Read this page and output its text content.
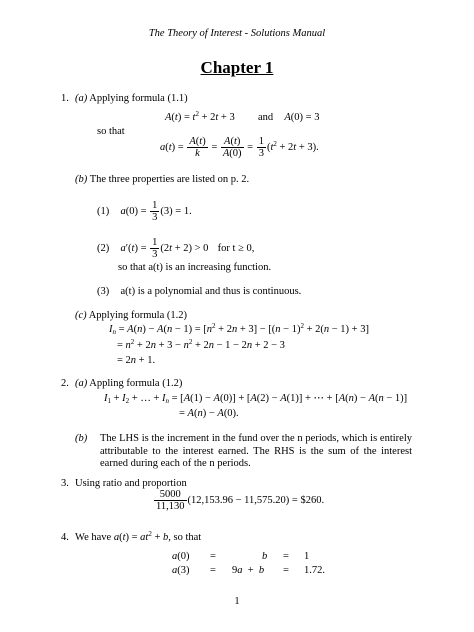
The Theory of Interest - Solutions Manual
Chapter 1
1. (a) Applying formula (1.1)
$A(t) = t^2 + 2t + 3$  and A(0) = 3
so that
$a(t) = \frac{A(t)}{k} = \frac{A(t)}{A(0)} = \frac{1}{3} (t^2 + 2t + 3)$.
(b) The three properties are listed on p. 2.
(1) $a(0) = \frac{1}{3} (3) = 1$.
(2) $a'(t) = \frac{1}{3} (2t + 2) > 0$  for t ≥ 0,
so that a(t) is an increasing function.
(3) a(t) is a polynomial and thus is continuous.
(c) Applying formula (1.2)
$I_n = A(n) - A(n - 1) = [n^2 + 2n + 3] - [(n - 1)^2 + 2(n - 1) + 3]$
= $n^2 + 2n + 3 - n^2 + 2n - 1 - 2n + 2 - 3$
= 2n + 1.
2. (a) Appling formula (1.2)
$I_1 + I_2$ + … + $I_n = [A(1) - A(0)] + [A(2) - A(1)]$ + ⋯ + [A(n) − A(n − 1)]
= A(n) − A(0).
(b) The LHS is the increment in the fund over the n periods, which is entirely attributable to the interest earned. The RHS is the sum of the interest earned during each of the n periods.
3. Using ratio and proportion
$\frac{5000}{11,130} (12,153.96 - 11,575.20)$ = $260.
4. We have $a(t) = at^2 + b$, so that
a(0) =	b = 1
a(3) = 9a  +  b = 1.72.
1
